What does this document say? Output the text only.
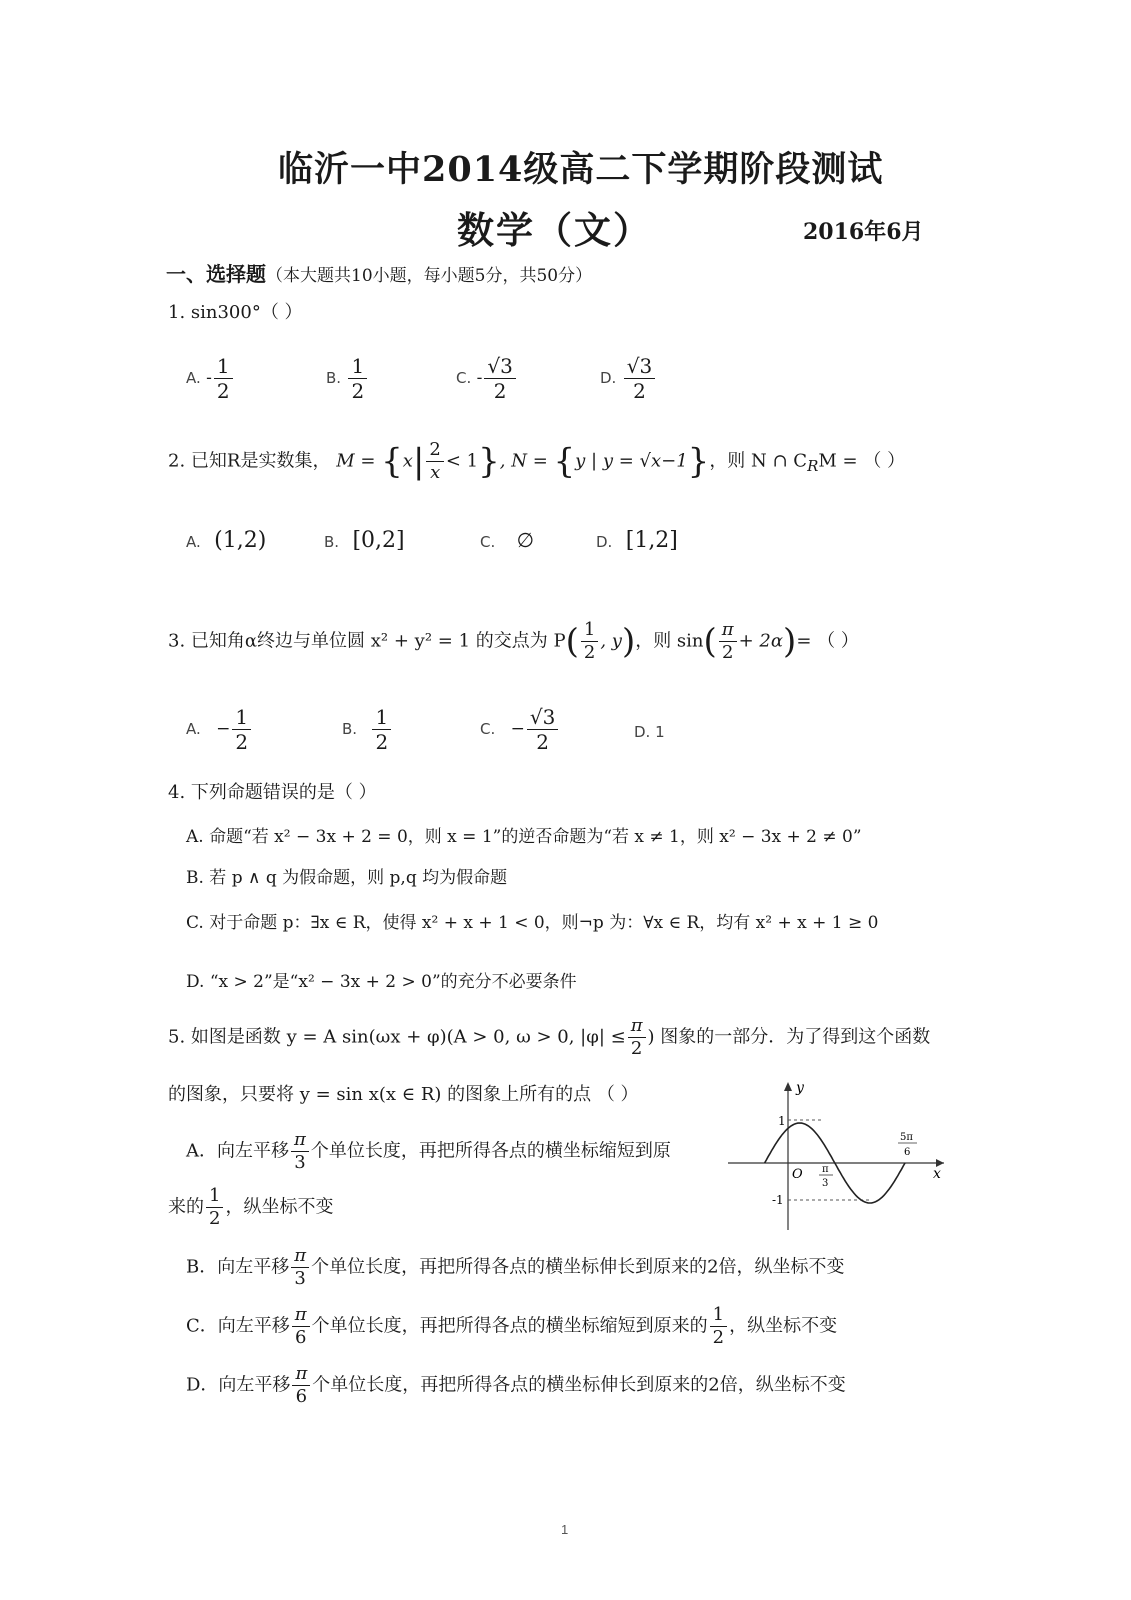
临沂一中2014级高二下学期阶段测试
数学（文）	2016年6月
一、选择题（本大题共10小题，每小题5分，共50分）
1. sin300°（ ）
A. - $\frac{1}{2}$	B. $\frac{1}{2}$	C. - $\frac{√3}{2}$	D. $\frac{√3}{2}$
2. 已知R是实数集， $M = \{x| \frac{2}{x} < 1\}$, N = {y | y = √x−1}，则 N ∩ $C_RM$ = （ ）
A. (1,2)	B. [0,2]	C. ∅	D. [1,2]
3. 已知角α终边与单位圆 x² + y² = 1 的交点为 $P( \frac{1}{2}$ , y)，则 $\sin( \frac{\pi}{2} + 2\alpha)=$ （ ）
A. − $\frac{1}{2}$	B. $\frac{1}{2}$	C. − $\frac{√3}{2}$	D. 1
4. 下列命题错误的是（ ）
A. 命题“若 x² − 3x + 2 = 0，则 x = 1”的逆否命题为“若 x ≠ 1，则 x² − 3x + 2 ≠ 0”
B. 若 p ∧ q 为假命题，则 p,q 均为假命题
C. 对于命题 p：∃x ∈ R，使得 x² + x + 1 < 0，则¬p 为：∀x ∈ R，均有 x² + x + 1 ≥ 0
D. “x > 2”是“x² − 3x + 2 > 0”的充分不必要条件
5. 如图是函数 y = A sin(ωx + φ)(A > 0, ω > 0, $|\varphi| \le \frac{\pi}{2}$ ) 图象的一部分．为了得到这个函数
的图象，只要将 y = sin x(x ∈ R) 的图象上所有的点 （ ）
A．向左平移 $\frac{\pi}{3}$ 个单位长度，再把所得各点的横坐标缩短到原
来的 $\frac{1}{2}$ ，纵坐标不变
B．向左平移 $\frac{\pi}{3}$ 个单位长度，再把所得各点的横坐标伸长到原来的2倍，纵坐标不变
C．向左平移 $\frac{\pi}{6}$ 个单位长度，再把所得各点的横坐标缩短到原来的 $\frac{1}{2}$ ，纵坐标不变
D．向左平移 $\frac{\pi}{6}$ 个单位长度，再把所得各点的横坐标伸长到原来的2倍，纵坐标不变
y
x
O
1
-1
π
3
5π
6
1
